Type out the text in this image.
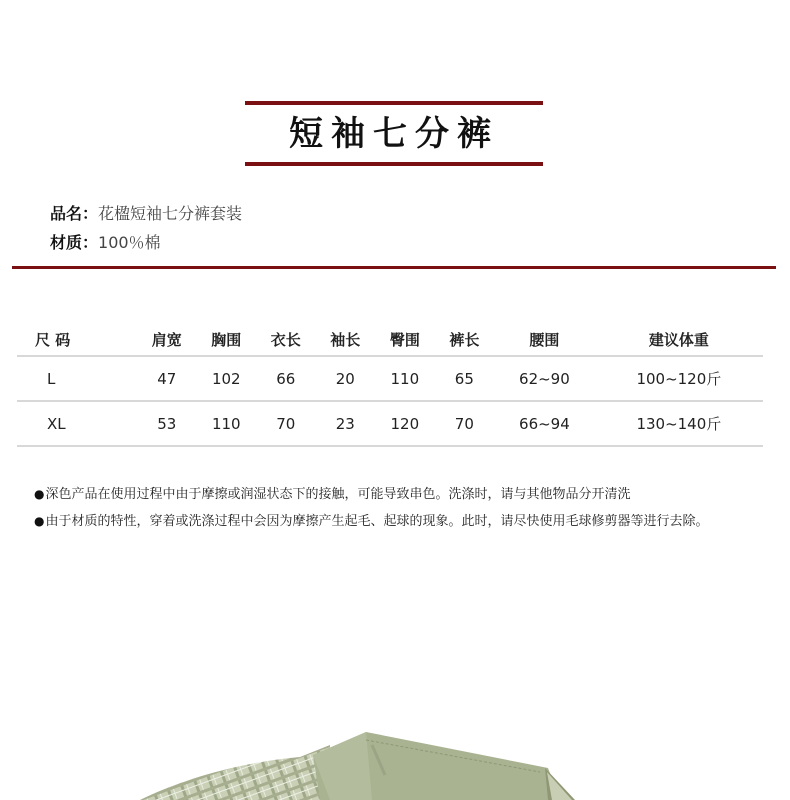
短袖七分裤
品名：花楹短袖七分裤套装
材质：100％棉
尺 码	肩宽	胸围	衣长	袖长	臀围	裤长	腰围	建议体重
L	47	102	66	20	110	65	62~90	100~120斤
XL	53	110	70	23	120	70	66~94	130~140斤
●深色产品在使用过程中由于摩擦或润湿状态下的接触，可能导致串色。洗涤时，请与其他物品分开清洗
●由于材质的特性，穿着或洗涤过程中会因为摩擦产生起毛、起球的现象。此时，请尽快使用毛球修剪器等进行去除。
